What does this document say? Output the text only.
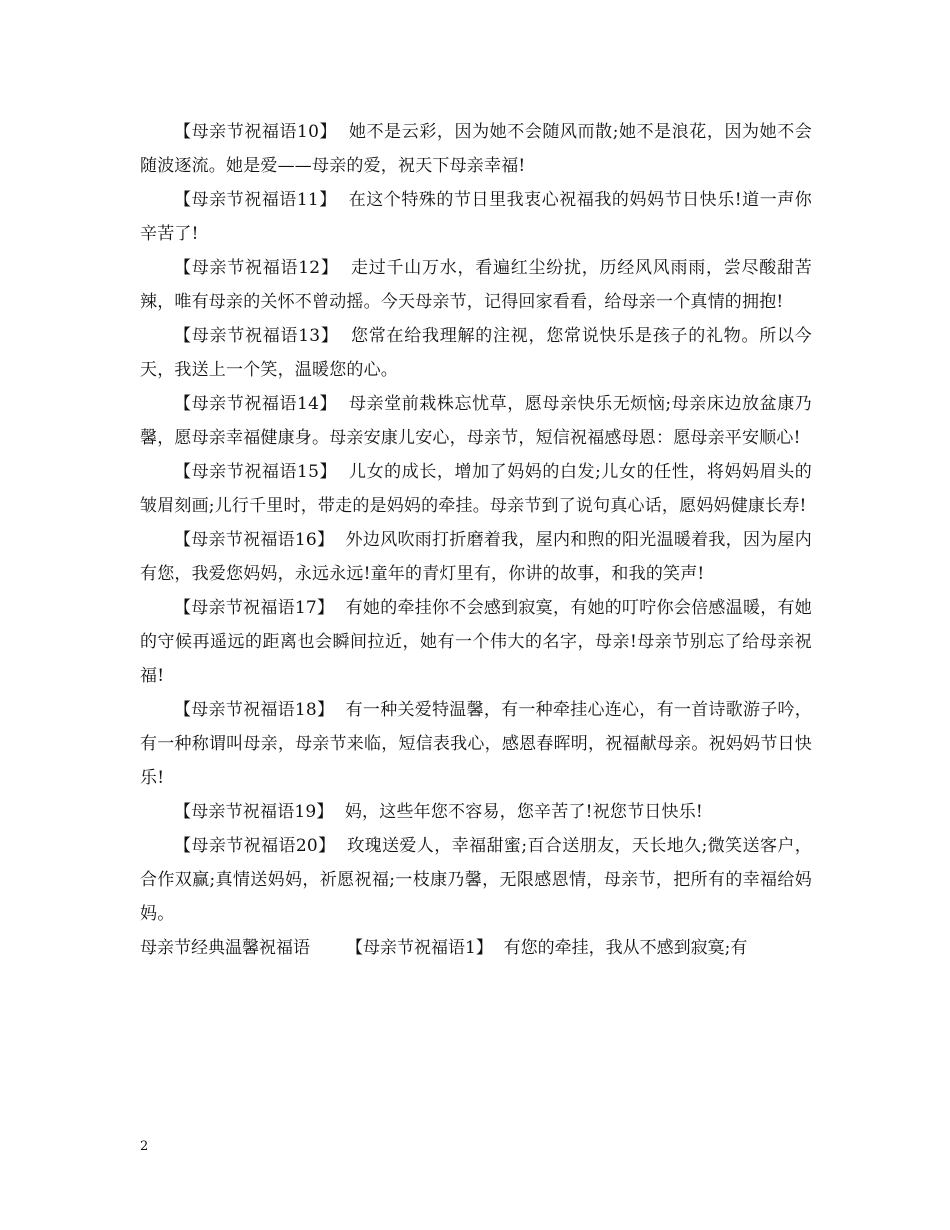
【母亲节祝福语10】 她不是云彩，因为她不会随风而散;她不是浪花，因为她不会随波逐流。她是爱——母亲的爱，祝天下母亲幸福!

【母亲节祝福语11】 在这个特殊的节日里我衷心祝福我的妈妈节日快乐!道一声你辛苦了!

【母亲节祝福语12】 走过千山万水，看遍红尘纷扰，历经风风雨雨，尝尽酸甜苦辣，唯有母亲的关怀不曾动摇。今天母亲节，记得回家看看，给母亲一个真情的拥抱!

【母亲节祝福语13】 您常在给我理解的注视，您常说快乐是孩子的礼物。所以今天，我送上一个笑，温暖您的心。

【母亲节祝福语14】 母亲堂前栽株忘忧草，愿母亲快乐无烦恼;母亲床边放盆康乃馨，愿母亲幸福健康身。母亲安康儿安心，母亲节，短信祝福感母恩：愿母亲平安顺心!

【母亲节祝福语15】 儿女的成长，增加了妈妈的白发;儿女的任性，将妈妈眉头的皱眉刻画;儿行千里时，带走的是妈妈的牵挂。母亲节到了说句真心话，愿妈妈健康长寿!

【母亲节祝福语16】 外边风吹雨打折磨着我，屋内和煦的阳光温暖着我，因为屋内有您，我爱您妈妈，永远永远!童年的青灯里有，你讲的故事，和我的笑声!

【母亲节祝福语17】 有她的牵挂你不会感到寂寞，有她的叮咛你会倍感温暖，有她的守候再遥远的距离也会瞬间拉近，她有一个伟大的名字，母亲!母亲节别忘了给母亲祝福!

【母亲节祝福语18】 有一种关爱特温馨，有一种牵挂心连心，有一首诗歌游子吟，有一种称谓叫母亲，母亲节来临，短信表我心，感恩春晖明，祝福献母亲。祝妈妈节日快乐!

【母亲节祝福语19】 妈，这些年您不容易，您辛苦了!祝您节日快乐!

【母亲节祝福语20】 玫瑰送爱人，幸福甜蜜;百合送朋友，天长地久;微笑送客户，合作双赢;真情送妈妈，祈愿祝福;一枝康乃馨，无限感恩情，母亲节，把所有的幸福给妈妈。

母亲节经典温馨祝福语 【母亲节祝福语1】 有您的牵挂，我从不感到寂寞;有

2
